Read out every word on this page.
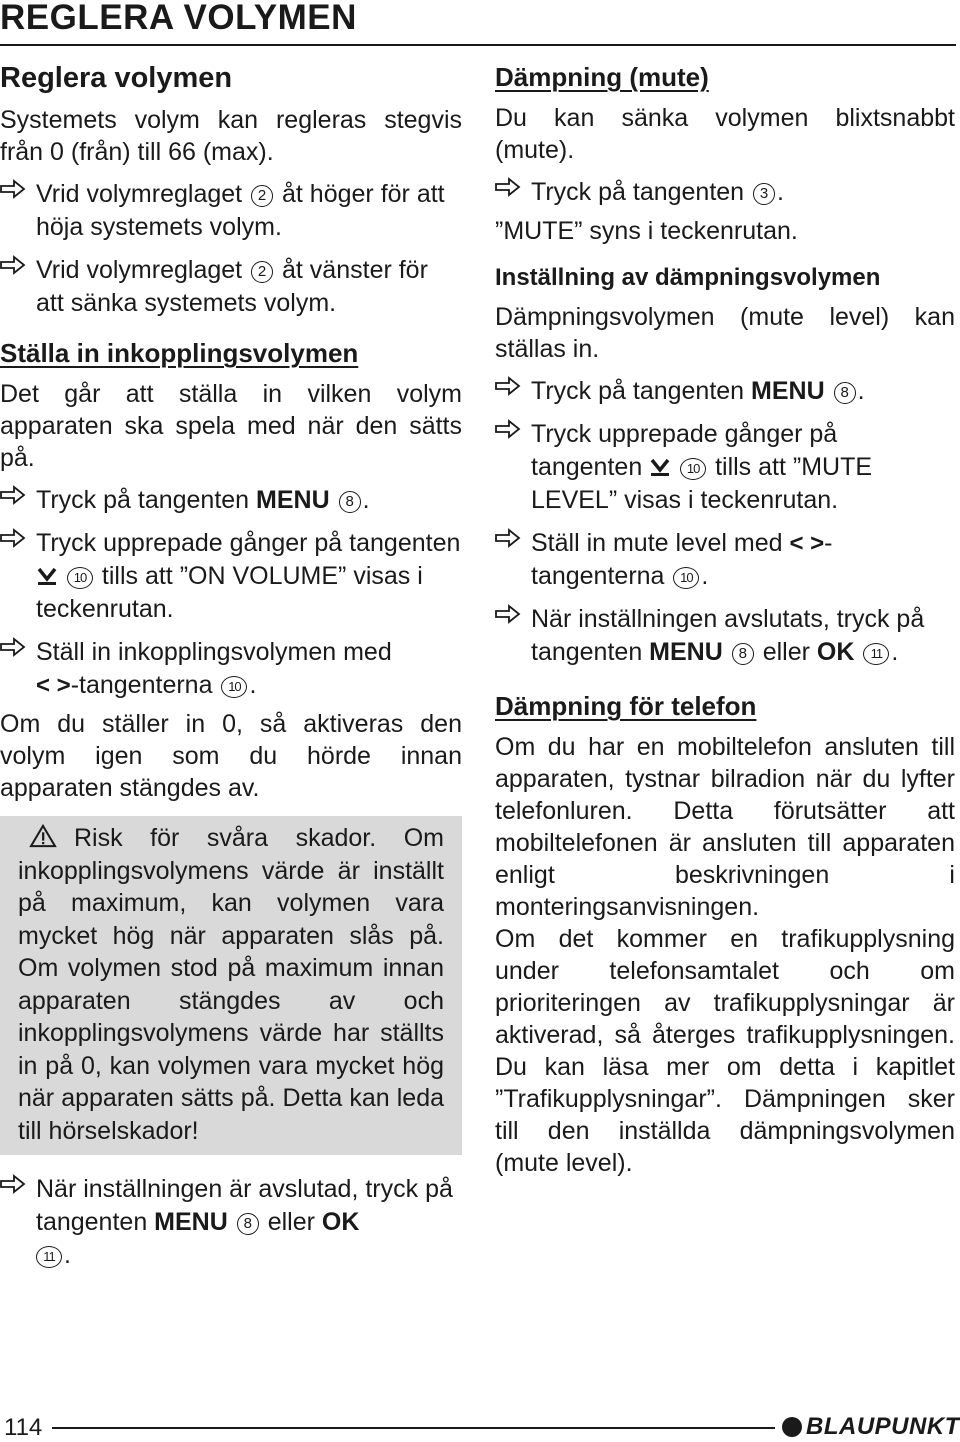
REGLERA VOLYMEN
Reglera volymen

Systemets volym kan regleras stegvis från 0 (från) till 66 (max).

Vrid volymreglaget 2 åt höger för att höja systemets volym.
Vrid volymreglaget 2 åt vänster för att sänka systemets volym.
Ställa in inkopplingsvolymen

Det går att ställa in vilken volym apparaten ska spela med när den sätts på.

Tryck på tangenten MENU 8 .
Tryck upprepade gånger på tangenten  10 tills att ”ON VOLUME” visas i teckenrutan.
Ställ in inkopplingsvolymen med
< >-tangenterna 10 .

Om du ställer in 0, så aktiveras den volym igen som du hörde innan apparaten stängdes av.

Risk för svåra skador. Om inkopplingsvolymens värde är inställt på maximum, kan volymen vara mycket hög när apparaten slås på. Om volymen stod på maximum innan apparaten stängdes av och inkopplingsvolymens värde har ställts in på 0, kan volymen vara mycket hög när apparaten sätts på. Detta kan leda till hörselskador!

När inställningen är avslutad, tryck på tangenten MENU 8 eller OK
11 .
Dämpning (mute)

Du kan sänka volymen blixtsnabbt (mute).

Tryck på tangenten 3 .

”MUTE” syns i teckenrutan.

Inställning av dämpningsvolymen

Dämpningsvolymen (mute level) kan ställas in.

Tryck på tangenten MENU 8 .
Tryck upprepade gånger på tangenten	10 tills att ”MUTE LEVEL” visas i teckenrutan.
Ställ in mute level med < >-tangenterna 10 .
När inställningen avslutats, tryck på tangenten MENU 8 eller OK 11 .
Dämpning för telefon

Om du har en mobiltelefon ansluten till apparaten, tystnar bilradion när du lyfter telefonluren. Detta förutsätter att mobiltelefonen är ansluten till apparaten enligt beskrivningen i monteringsanvisningen.

Om det kommer en trafikupplysning under telefonsamtalet och om prioriteringen av trafikupplysningar är aktiverad, så återges trafikupplysningen. Du kan läsa mer om detta i kapitlet ”Trafikupplysningar”. Dämpningen sker till den inställda dämpningsvolymen (mute level).

114	BLAUPUNKT
